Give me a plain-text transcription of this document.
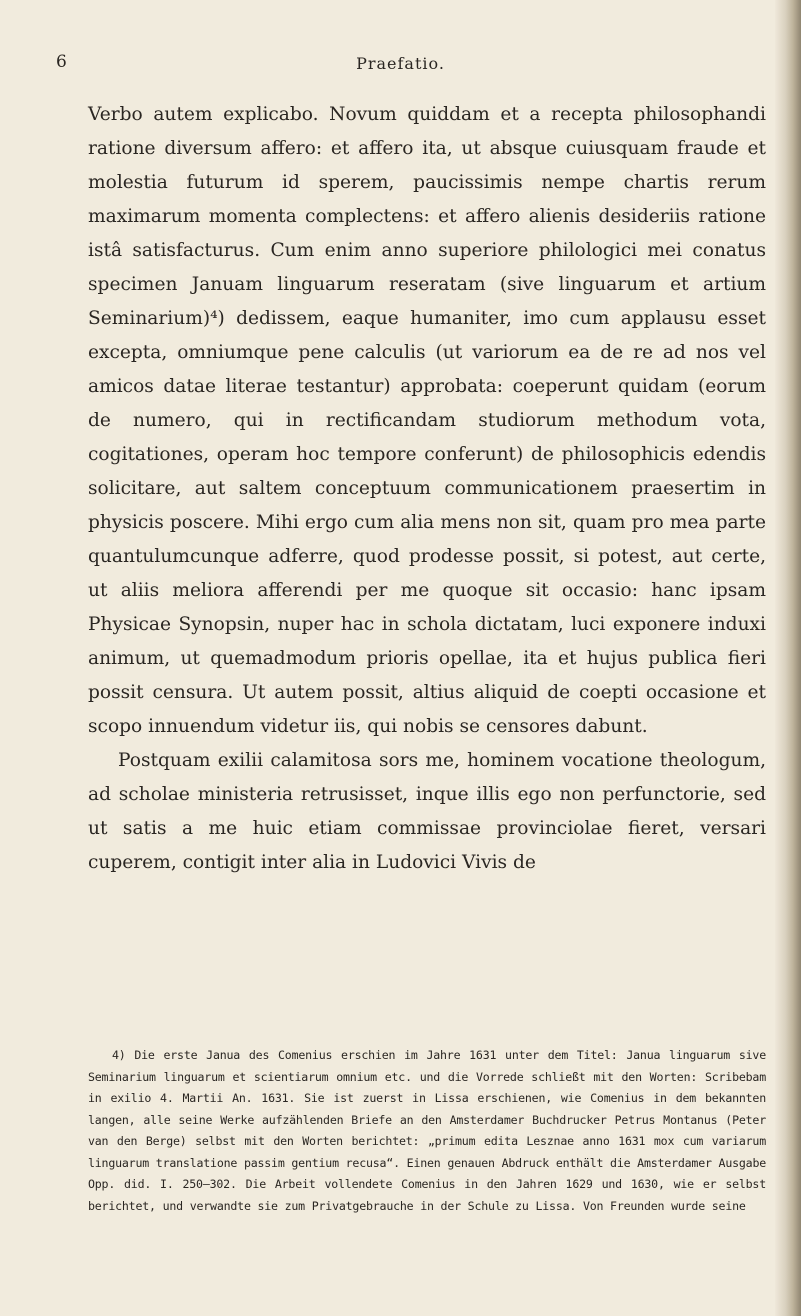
6	Praefatio.

Verbo autem explicabo. Novum quiddam et a recepta philosophandi ratione diversum affero: et affero ita, ut absque cuiusquam fraude et molestia futurum id sperem, paucissimis nempe chartis rerum maximarum momenta complectens: et affero alienis desideriis ratione istâ satisfacturus. Cum enim anno superiore philologici mei conatus specimen Januam linguarum reseratam (sive linguarum et artium Seminarium)⁴) dedissem, eaque humaniter, imo cum applausu esset excepta, omniumque pene calculis (ut variorum ea de re ad nos vel amicos datae literae testantur) approbata: coeperunt quidam (eorum de numero, qui in rectificandam studiorum methodum vota, cogitationes, operam hoc tempore conferunt) de philosophicis edendis solicitare, aut saltem conceptuum communicationem praesertim in physicis poscere. Mihi ergo cum alia mens non sit, quam pro mea parte quantulumcunque adferre, quod prodesse possit, si potest, aut certe, ut aliis meliora afferendi per me quoque sit occasio: hanc ipsam Physicae Synopsin, nuper hac in schola dictatam, luci exponere induxi animum, ut quemadmodum prioris opellae, ita et hujus publica fieri possit censura. Ut autem possit, altius aliquid de coepti occasione et scopo innuendum videtur iis, qui nobis se censores dabunt.

Postquam exilii calamitosa sors me, hominem vocatione theologum, ad scholae ministeria retrusisset, inque illis ego non perfunctorie, sed ut satis a me huic etiam commissae provinciolae fieret, versari cuperem, contigit inter alia in Ludovici Vivis de

4) Die erste Janua des Comenius erschien im Jahre 1631 unter dem Titel: Janua linguarum sive Seminarium linguarum et scientiarum omnium etc. und die Vorrede schließt mit den Worten: Scribebam in exilio 4. Martii An. 1631. Sie ist zuerst in Lissa erschienen, wie Comenius in dem bekannten langen, alle seine Werke aufzählenden Briefe an den Amsterdamer Buchdrucker Petrus Montanus (Peter van den Berge) selbst mit den Worten berichtet: „primum edita Lesznae anno 1631 mox cum variarum linguarum translatione passim gentium recusa“. Einen genauen Abdruck enthält die Amsterdamer Ausgabe Opp. did. I. 250–302. Die Arbeit vollendete Comenius in den Jahren 1629 und 1630, wie er selbst berichtet, und verwandte sie zum Privatgebrauche in der Schule zu Lissa. Von Freunden wurde seine
